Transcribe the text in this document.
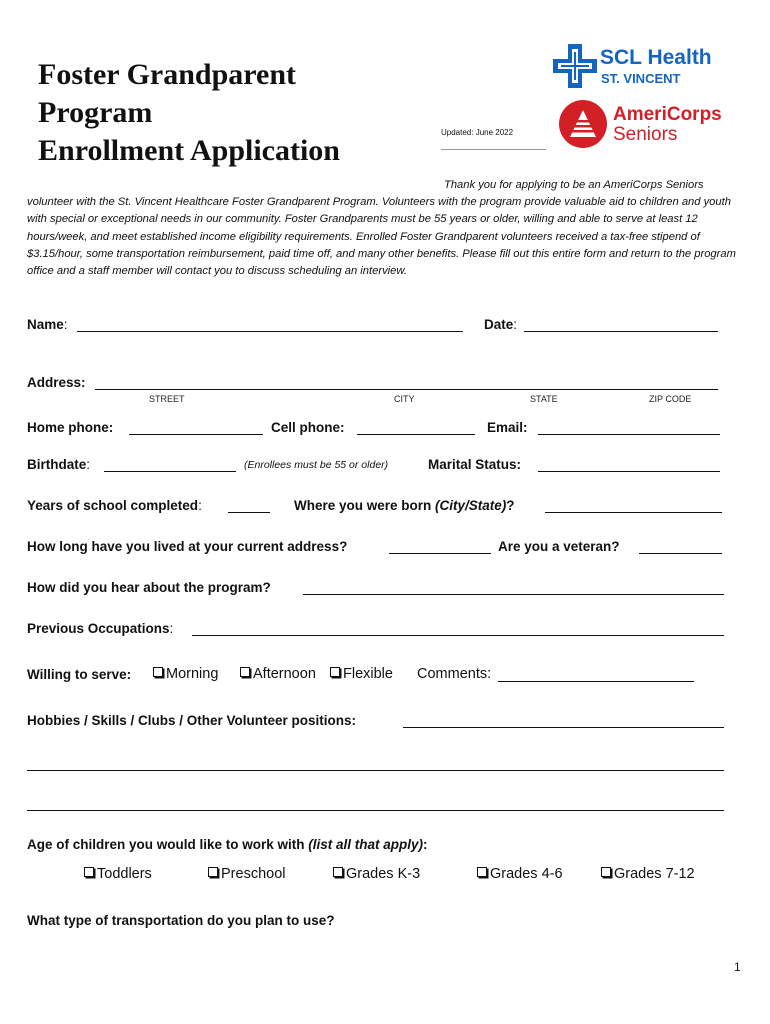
Foster Grandparent
Program
Enrollment Application
Updated: June 2022
SCL Health
ST. VINCENT
AmeriCorps
Seniors

Thank you for applying to be an AmeriCorps Seniors

volunteer with the St. Vincent Healthcare Foster Grandparent Program. Volunteers with the program provide valuable aid to children and youth with special or exceptional needs in our community. Foster Grandparents must be 55 years or older, willing and able to serve at least 12 hours/week, and meet established income eligibility requirements. Enrolled Foster Grandparent volunteers received a tax-free stipend of $3.15/hour, some transportation reimbursement, paid time off, and many other benefits. Please fill out this entire form and return to the program office and a staff member will contact you to discuss scheduling an interview.

Name:	Date:
Address:
STREET	CITY	STATE	ZIP CODE
Home phone:	Cell phone:	Email:
Birthdate:	(Enrollees must be 55 or older)	Marital Status:
Years of school completed:	Where you were born (City/State)?
How long have you lived at your current address?	Are you a veteran?
How did you hear about the program?
Previous Occupations:
Willing to serve:	Morning	Afternoon	Flexible Comments:
Hobbies / Skills / Clubs / Other Volunteer positions:
Age of children you would like to work with (list all that apply):
Toddlers	Preschool	Grades K-3	Grades 4-6	Grades 7-12
What type of transportation do you plan to use?
1
